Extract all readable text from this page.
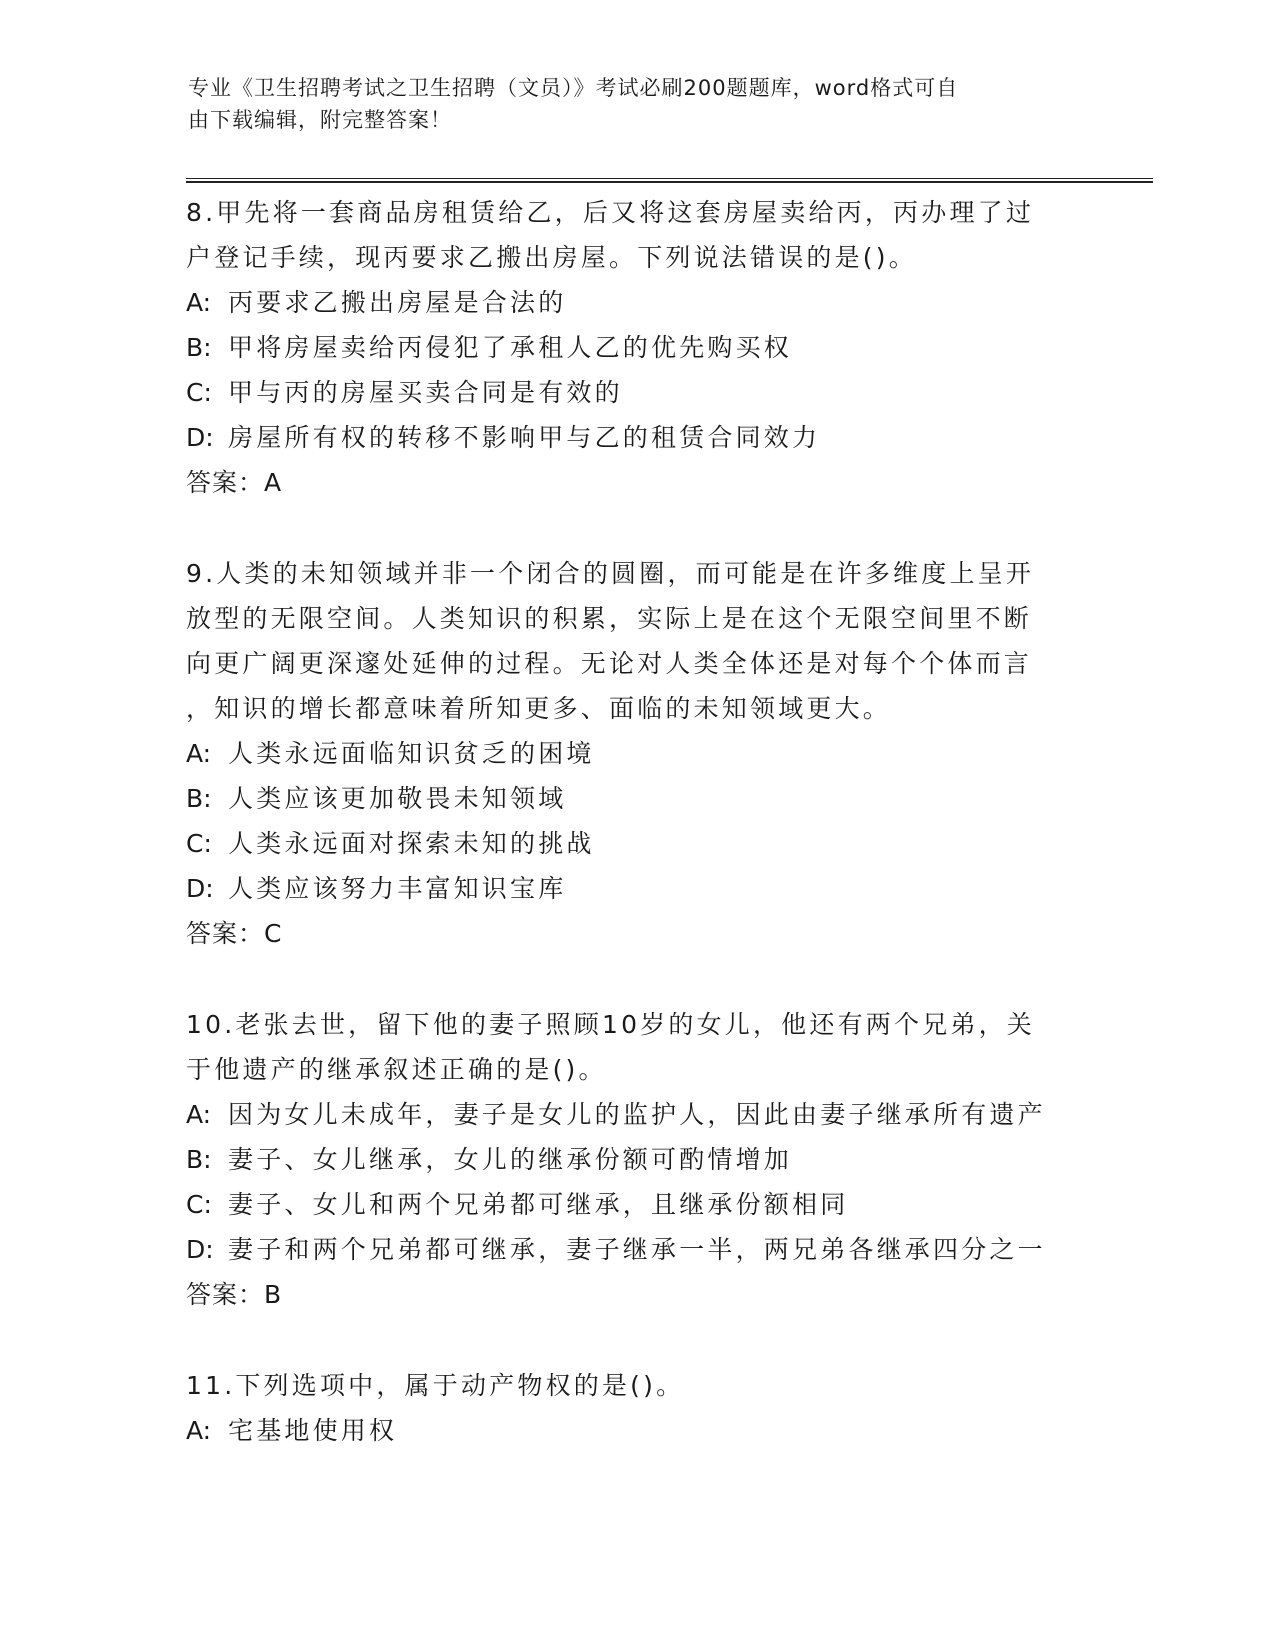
专业《卫生招聘考试之卫生招聘（文员）》考试必刷200题题库，word格式可自
由下载编辑，附完整答案！

8.甲先将一套商品房租赁给乙，后又将这套房屋卖给丙，丙办理了过

户登记手续，现丙要求乙搬出房屋。下列说法错误的是()。

A: 丙要求乙搬出房屋是合法的

B: 甲将房屋卖给丙侵犯了承租人乙的优先购买权

C: 甲与丙的房屋买卖合同是有效的

D: 房屋所有权的转移不影响甲与乙的租赁合同效力

答案：A

9.人类的未知领域并非一个闭合的圆圈，而可能是在许多维度上呈开

放型的无限空间。人类知识的积累，实际上是在这个无限空间里不断

向更广阔更深邃处延伸的过程。无论对人类全体还是对每个个体而言

，知识的增长都意味着所知更多、面临的未知领域更大。

A: 人类永远面临知识贫乏的困境

B: 人类应该更加敬畏未知领域

C: 人类永远面对探索未知的挑战

D: 人类应该努力丰富知识宝库

答案：C

10.老张去世，留下他的妻子照顾10岁的女儿，他还有两个兄弟，关

于他遗产的继承叙述正确的是()。

A: 因为女儿未成年，妻子是女儿的监护人，因此由妻子继承所有遗产

B: 妻子、女儿继承，女儿的继承份额可酌情增加

C: 妻子、女儿和两个兄弟都可继承，且继承份额相同

D: 妻子和两个兄弟都可继承，妻子继承一半，两兄弟各继承四分之一

答案：B

11.下列选项中，属于动产物权的是()。

A: 宅基地使用权
